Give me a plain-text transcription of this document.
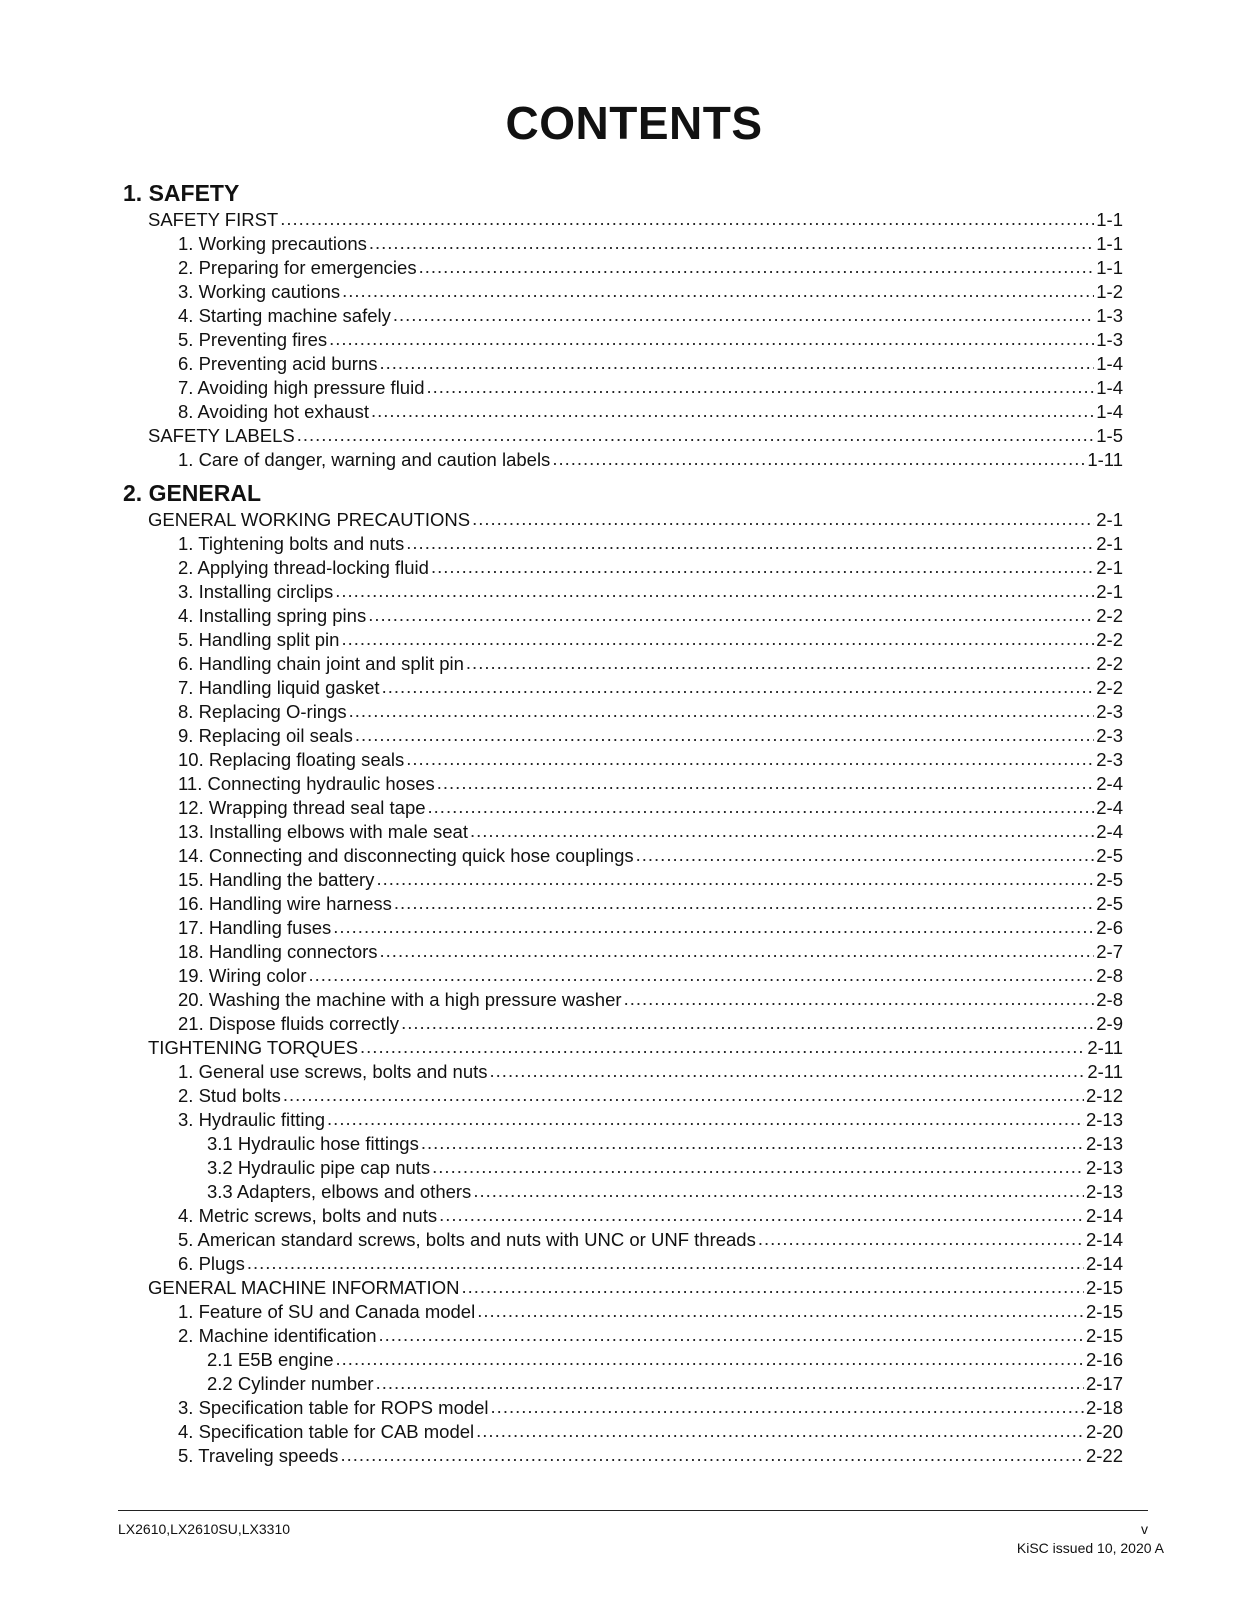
CONTENTS
1. SAFETY
SAFETY FIRST .....	1-1
1. Working precautions .....	1-1
2. Preparing for emergencies .....	1-1
3. Working cautions .....	1-2
4. Starting machine safely .....	1-3
5. Preventing fires .....	1-3
6. Preventing acid burns .....	1-4
7. Avoiding high pressure fluid .....	1-4
8. Avoiding hot exhaust .....	1-4
SAFETY LABELS .....	1-5
1. Care of danger, warning and caution labels .....	1-11
2. GENERAL
GENERAL WORKING PRECAUTIONS .....	2-1
1. Tightening bolts and nuts .....	2-1
2. Applying thread-locking fluid .....	2-1
3. Installing circlips .....	2-1
4. Installing spring pins .....	2-2
5. Handling split pin .....	2-2
6. Handling chain joint and split pin .....	2-2
7. Handling liquid gasket .....	2-2
8. Replacing O-rings .....	2-3
9. Replacing oil seals .....	2-3
10. Replacing floating seals .....	2-3
11. Connecting hydraulic hoses .....	2-4
12. Wrapping thread seal tape .....	2-4
13. Installing elbows with male seat .....	2-4
14. Connecting and disconnecting quick hose couplings .....	2-5
15. Handling the battery .....	2-5
16. Handling wire harness .....	2-5
17. Handling fuses .....	2-6
18. Handling connectors .....	2-7
19. Wiring color .....	2-8
20. Washing the machine with a high pressure washer .....	2-8
21. Dispose fluids correctly .....	2-9
TIGHTENING TORQUES .....	2-11
1. General use screws, bolts and nuts .....	2-11
2. Stud bolts .....	2-12
3. Hydraulic fitting .....	2-13
3.1 Hydraulic hose fittings .....	2-13
3.2 Hydraulic pipe cap nuts .....	2-13
3.3 Adapters, elbows and others .....	2-13
4. Metric screws, bolts and nuts .....	2-14
5. American standard screws, bolts and nuts with UNC or UNF threads .....	2-14
6. Plugs .....	2-14
GENERAL MACHINE INFORMATION .....	2-15
1. Feature of SU and Canada model .....	2-15
2. Machine identification .....	2-15
2.1 E5B engine .....	2-16
2.2 Cylinder number .....	2-17
3. Specification table for ROPS model .....	2-18
4. Specification table for CAB model .....	2-20
5. Traveling speeds .....	2-22
LX2610,LX2610SU,LX3310	v
KiSC issued 10, 2020 A
